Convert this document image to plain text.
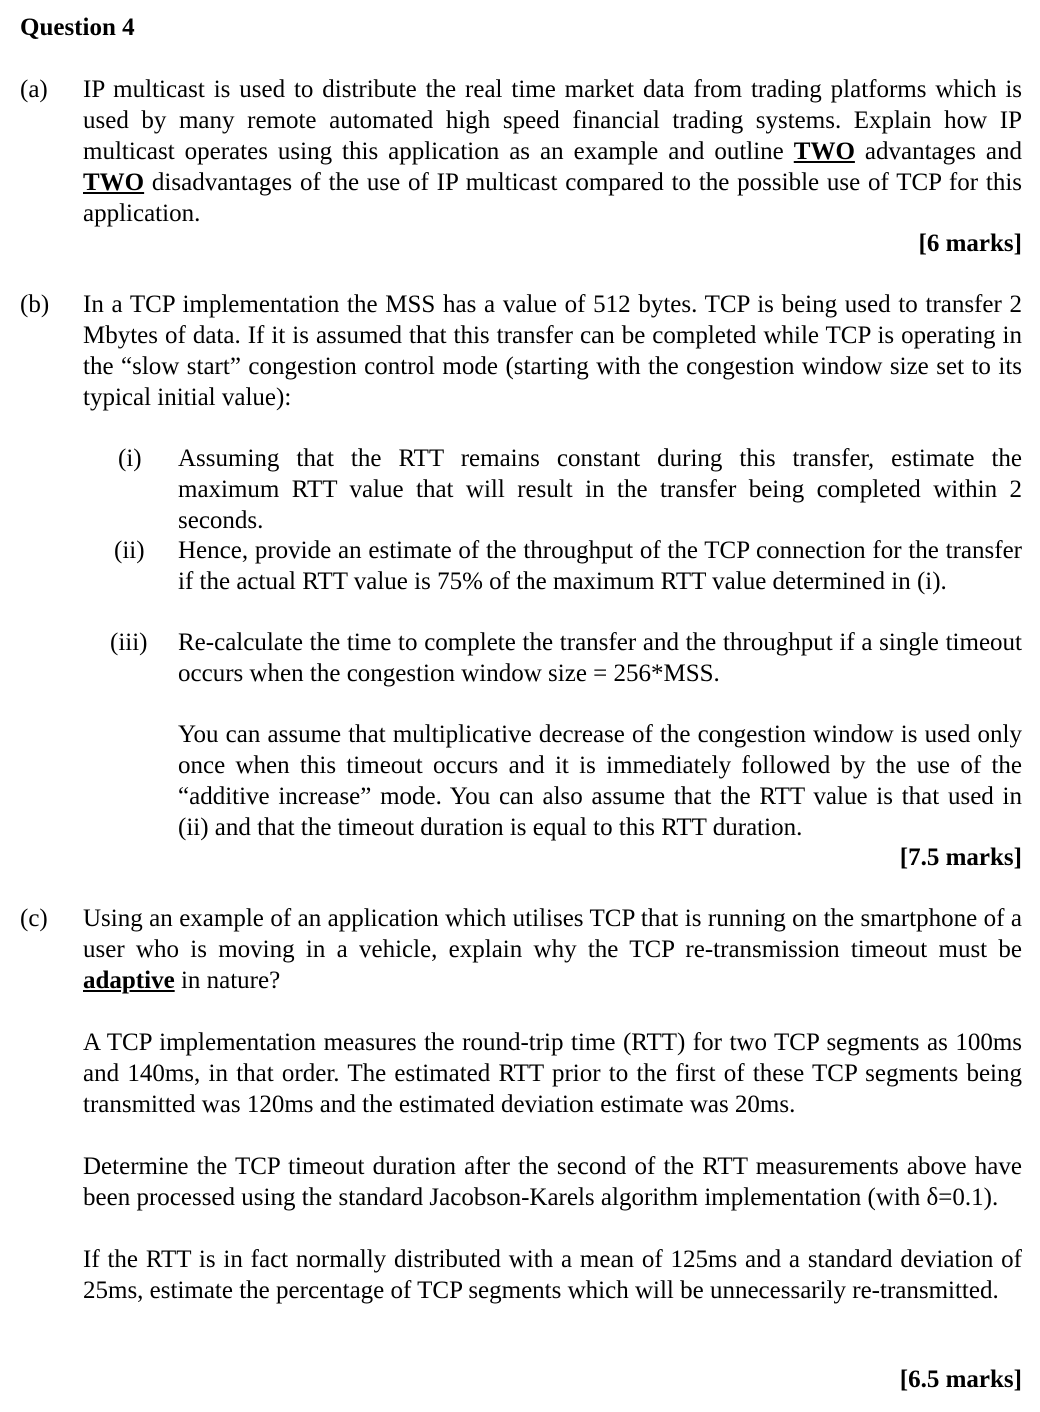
Question 4
(a) IP multicast is used to distribute the real time market data from trading platforms which is used by many remote automated high speed financial trading systems. Explain how IP multicast operates using this application as an example and outline TWO advantages and TWO disadvantages of the use of IP multicast compared to the possible use of TCP for this application.

[6 marks]
(b) In a TCP implementation the MSS has a value of 512 bytes. TCP is being used to transfer 2 Mbytes of data. If it is assumed that this transfer can be completed while TCP is operating in the “slow start” congestion control mode (starting with the congestion window size set to its typical initial value):

(i) Assuming that the RTT remains constant during this transfer, estimate the maximum RTT value that will result in the transfer being completed within 2 seconds.
(ii) Hence, provide an estimate of the throughput of the TCP connection for the transfer if the actual RTT value is 75% of the maximum RTT value determined in (i).
(iii) Re-calculate the time to complete the transfer and the throughput if a single timeout occurs when the congestion window size = 256*MSS.
You can assume that multiplicative decrease of the congestion window is used only once when this timeout occurs and it is immediately followed by the use of the “additive increase” mode. You can also assume that the RTT value is that used in (ii) and that the timeout duration is equal to this RTT duration.
[7.5 marks]
(c) Using an example of an application which utilises TCP that is running on the smartphone of a user who is moving in a vehicle, explain why the TCP re-transmission timeout must be adaptive in nature?

A TCP implementation measures the round-trip time (RTT) for two TCP segments as 100ms and 140ms, in that order. The estimated RTT prior to the first of these TCP segments being transmitted was 120ms and the estimated deviation estimate was 20ms.

Determine the TCP timeout duration after the second of the RTT measurements above have been processed using the standard Jacobson-Karels algorithm implementation (with δ=0.1).

If the RTT is in fact normally distributed with a mean of 125ms and a standard deviation of 25ms, estimate the percentage of TCP segments which will be unnecessarily re-transmitted.

[6.5 marks]
